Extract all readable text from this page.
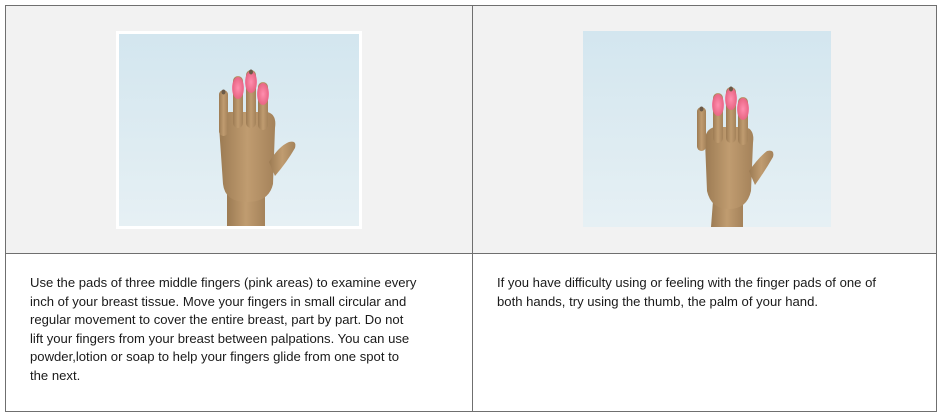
Use the pads of three middle fingers (pink areas) to examine every
inch of your breast tissue. Move your fingers in small circular and
regular movement to cover the entire breast, part by part. Do not
lift your fingers from your breast between palpations. You can use
powder,lotion or soap to help your fingers glide from one spot to
the next.

If you have difficulty using or feeling with the finger pads of one of
both hands, try using the thumb, the palm of your hand.
